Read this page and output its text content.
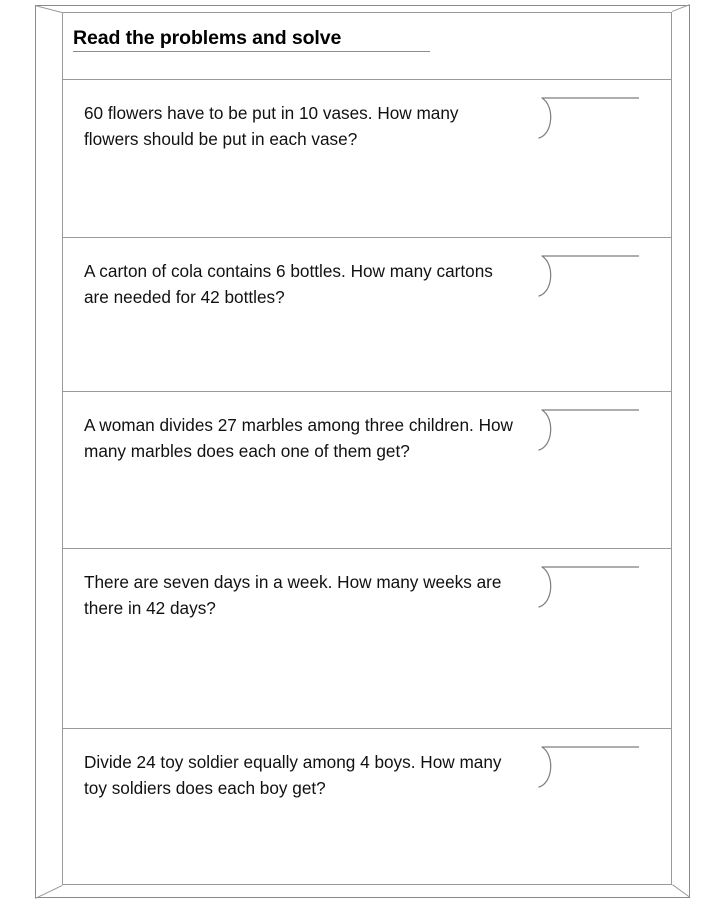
Read the problems and solve
60 flowers have to be put in 10 vases. How many flowers should be put in each vase?
A carton of cola contains 6 bottles. How many cartons are needed for 42 bottles?
A woman divides 27 marbles among three children. How many marbles does each one of them get?
There are seven days in a week. How many weeks are there in 42 days?
Divide 24 toy soldier equally among 4 boys. How many toy soldiers does each boy get?
